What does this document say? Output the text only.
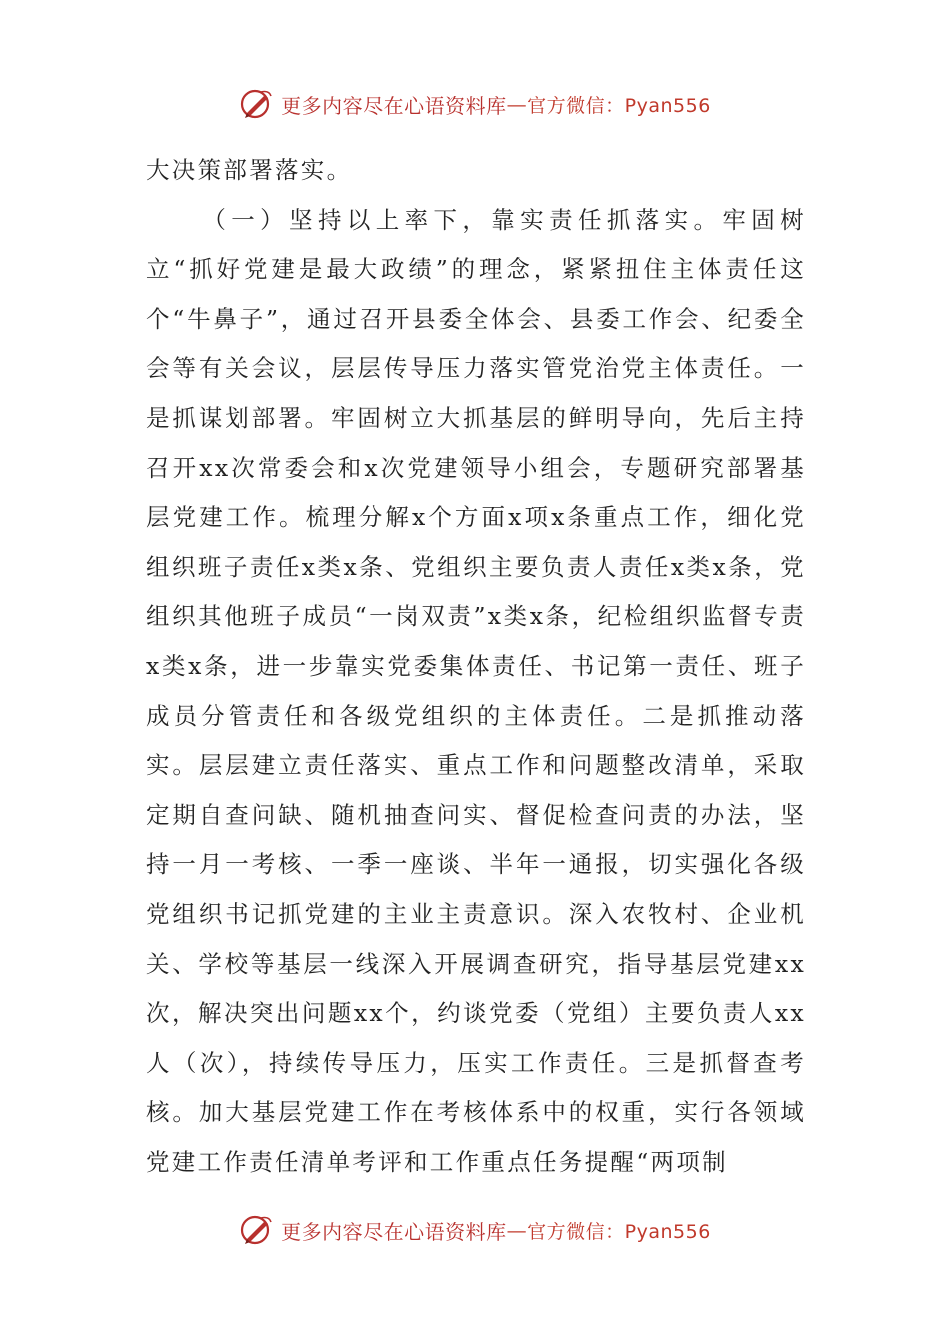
更多内容尽在心语资料库 — 官方微信：Pyan556

大决策部署落实。

（一）坚持以上率下，靠实责任抓落实。牢固树立“抓好党建是最大政绩”的理念，紧紧扭住主体责任这个“牛鼻子”，通过召开县委全体会、县委工作会、纪委全会等有关会议，层层传导压力落实管党治党主体责任。一是抓谋划部署。牢固树立大抓基层的鲜明导向，先后主持召开xx次常委会和x次党建领导小组会，专题研究部署基层党建工作。梳理分解x个方面x项x条重点工作，细化党组织班子责任x类x条、党组织主要负责人责任x类x条，党组织其他班子成员“一岗双责”x类x条，纪检组织监督专责x类x条，进一步靠实党委集体责任、书记第一责任、班子成员分管责任和各级党组织的主体责任。二是抓推动落实。层层建立责任落实、重点工作和问题整改清单，采取定期自查问缺、随机抽查问实、督促检查问责的办法，坚持一月一考核、一季一座谈、半年一通报，切实强化各级党组织书记抓党建的主业主责意识。深入农牧村、企业机关、学校等基层一线深入开展调查研究，指导基层党建xx次，解决突出问题xx个，约谈党委（党组）主要负责人xx人（次），持续传导压力，压实工作责任。三是抓督查考核。加大基层党建工作在考核体系中的权重，实行各领域党建工作责任清单考评和工作重点任务提醒“两项制

更多内容尽在心语资料库 — 官方微信：Pyan556
